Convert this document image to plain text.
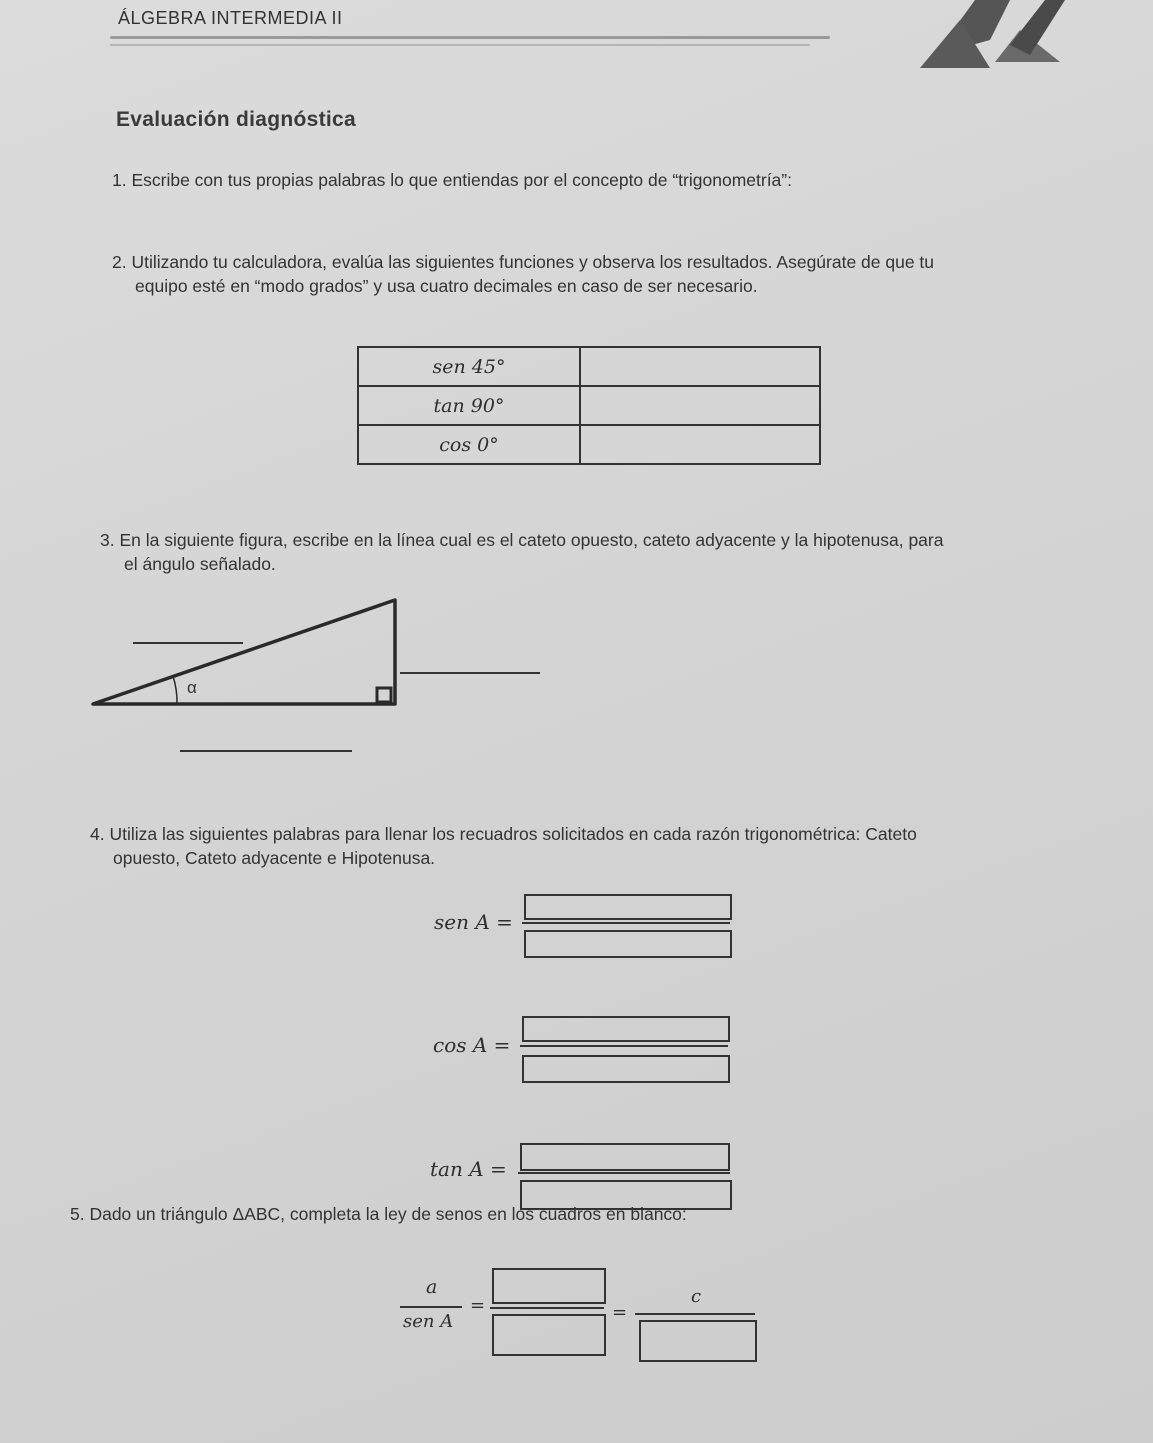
ÁLGEBRA INTERMEDIA II
Evaluación diagnóstica
1. Escribe con tus propias palabras lo que entiendas por el concepto de “trigonometría”:
2. Utilizando tu calculadora, evalúa las siguientes funciones y observa los resultados. Asegúrate de que tu
equipo esté en “modo grados” y usa cuatro decimales en caso de ser necesario.
sen 45°	
tan 90°	
cos 0°	
3. En la siguiente figura, escribe en la línea cual es el cateto opuesto, cateto adyacente y la hipotenusa, para
el ángulo señalado.
α
4. Utiliza las siguientes palabras para llenar los recuadros solicitados en cada razón trigonométrica: Cateto
opuesto, Cateto adyacente e Hipotenusa.
sen A =
cos A =
tan A =
5. Dado un triángulo ΔABC, completa la ley de senos en los cuadros en blanco:
a
sen A
=	=
c
